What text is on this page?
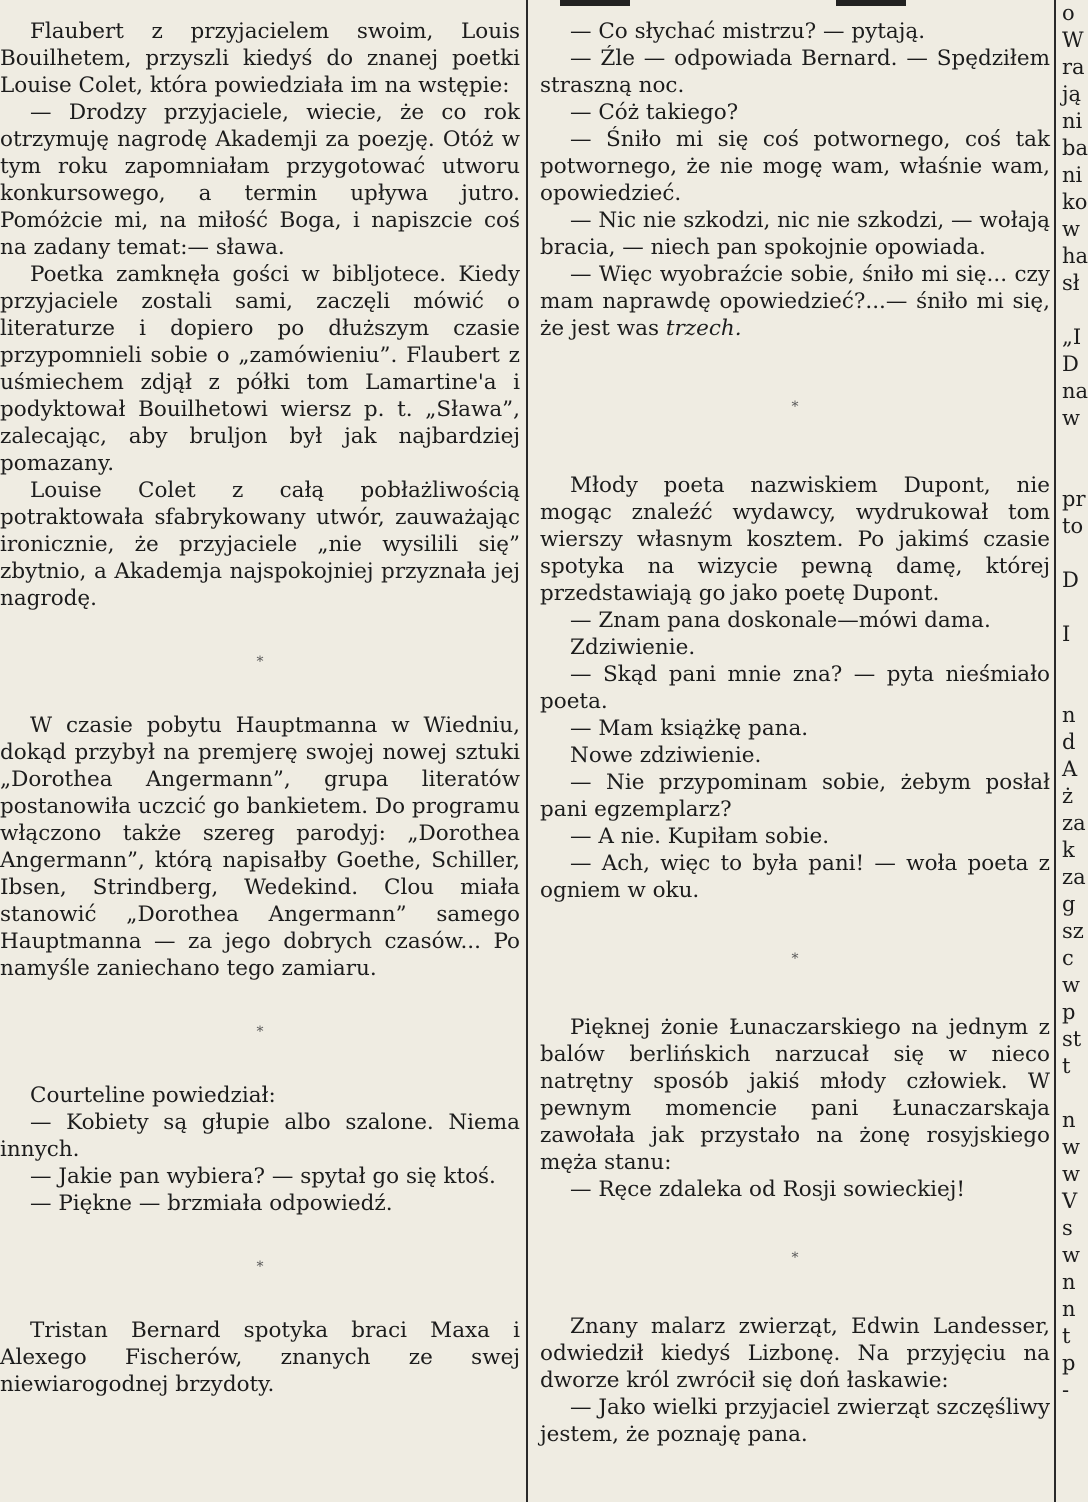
Flaubert z przyjacielem swoim, Louis Bouilhetem, przyszli kiedyś do znanej poetki Louise Colet, która powiedziała im na wstępie:

— Drodzy przyjaciele, wiecie, że co rok otrzymuję nagrodę Akademji za poezję. Otóż w tym roku zapomniałam przygotować utworu konkursowego, a termin upływa jutro. Pomóżcie mi, na miłość Boga, i napiszcie coś na zadany temat:— sława.

Poetka zamknęła gości w bibljotece. Kiedy przyjaciele zostali sami, zaczęli mówić o literaturze i dopiero po dłuższym czasie przypomnieli sobie o „zamówieniu”. Flaubert z uśmiechem zdjął z półki tom Lamartine'a i podyktował Bouilhetowi wiersz p. t. „Sława”, zalecając, aby bruljon był jak najbardziej pomazany.

Louise Colet z całą pobłażliwością potraktowała sfabrykowany utwór, zauważając ironicznie, że przyjaciele „nie wysilili się” zbytnio, a Akademja najspokojniej przyznała jej nagrodę.

*

W czasie pobytu Hauptmanna w Wiedniu, dokąd przybył na premjerę swojej nowej sztuki „Dorothea Angermann”, grupa literatów postanowiła uczcić go bankietem. Do programu włączono także szereg parodyj: „Dorothea Angermann”, którą napisałby Goethe, Schiller, Ibsen, Strindberg, Wedekind. Clou miała stanowić „Dorothea Angermann” samego Hauptmanna — za jego dobrych czasów... Po namyśle zaniechano tego zamiaru.

*

Courteline powiedział:

— Kobiety są głupie albo szalone. Niema innych.

— Jakie pan wybiera? — spytał go się ktoś.

— Piękne — brzmiała odpowiedź.

*

Tristan Bernard spotyka braci Maxa i Alexego Fischerów, znanych ze swej niewiarogodnej brzydoty.

— Co słychać mistrzu? — pytają.

— Źle — odpowiada Bernard. — Spędziłem straszną noc.

— Cóż takiego?

— Śniło mi się coś potwornego, coś tak potwornego, że nie mogę wam, właśnie wam, opowiedzieć.

— Nic nie szkodzi, nic nie szkodzi, — wołają bracia, — niech pan spokojnie opowiada.

— Więc wyobraźcie sobie, śniło mi się... czy mam naprawdę opowiedzieć?...— śniło mi się, że jest was trzech.

*

Młody poeta nazwiskiem Dupont, nie mogąc znaleźć wydawcy, wydrukował tom wierszy własnym kosztem. Po jakimś czasie spotyka na wizycie pewną damę, której przedstawiają go jako poetę Dupont.

— Znam pana doskonale—mówi dama.

Zdziwienie.

— Skąd pani mnie zna? — pyta nieśmiało poeta.

— Mam książkę pana.

Nowe zdziwienie.

— Nie przypominam sobie, żebym posłał pani egzemplarz?

— A nie. Kupiłam sobie.

— Ach, więc to była pani! — woła poeta z ogniem w oku.

*

Pięknej żonie Łunaczarskiego na jednym z balów berlińskich narzucał się w nieco natrętny sposób jakiś młody człowiek. W pewnym momencie pani Łunaczarskaja zawołała jak przystało na żonę rosyjskiego męża stanu:

— Ręce zdaleka od Rosji sowieckiej!

*

Znany malarz zwierząt, Edwin Landesser, odwiedził kiedyś Lizbonę. Na przyjęciu na dworze król zwrócił się doń łaskawie:

— Jako wielki przyjaciel zwierząt szczęśliwy jestem, że poznaję pana.

o
W
ra
ją
ni
ba
ni
ko
w
ha
sł
„I
D
na
w
pr
to
D
I
n
d
A
ż
za
k
za
g
sz
c
w
p
st
t
n
w
w
V
s
w
n
n
t
p
-
